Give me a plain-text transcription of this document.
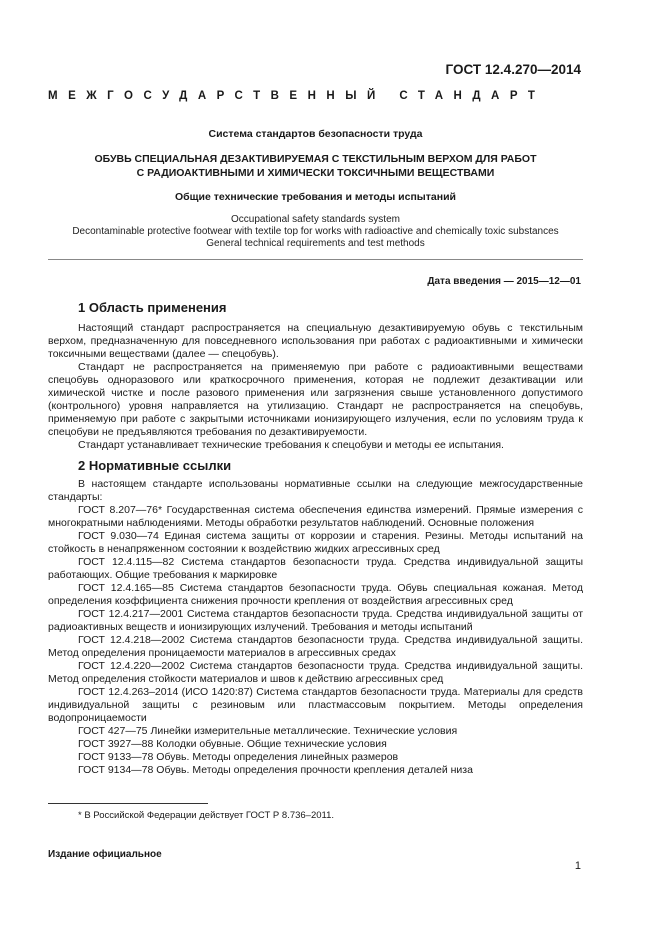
ГОСТ 12.4.270—2014
МЕЖГОСУДАРСТВЕННЫЙ СТАНДАРТ
Система стандартов безопасности труда
ОБУВЬ СПЕЦИАЛЬНАЯ ДЕЗАКТИВИРУЕМАЯ С ТЕКСТИЛЬНЫМ ВЕРХОМ ДЛЯ РАБОТ
С РАДИОАКТИВНЫМИ И ХИМИЧЕСКИ ТОКСИЧНЫМИ ВЕЩЕСТВАМИ
Общие технические требования и методы испытаний
Occupational safety standards system
Decontaminable protective footwear with textile top for works with radioactive and chemically toxic substances
General technical requirements and test methods
Дата введения — 2015—12—01
1 Область применения

Настоящий стандарт распространяется на специальную дезактивируемую обувь с текстильным верхом, предназначенную для повседневного использования при работах с радиоактивными и химически токсичными веществами (далее — спецобувь).

Стандарт не распространяется на применяемую при работе с радиоактивными веществами спецобувь одноразового или краткосрочного применения, которая не подлежит дезактивации или химической чистке и после разового применения или загрязнения свыше установленного допустимого (контрольного) уровня направляется на утилизацию. Стандарт не распространяется на спецобувь, применяемую при работе с закрытыми источниками ионизирующего излучения, если по условиям труда к спецобуви не предъявляются требования по дезактивируемости.

Стандарт устанавливает технические требования к спецобуви и методы ее испытания.

2 Нормативные ссылки

В настоящем стандарте использованы нормативные ссылки на следующие межгосударственные стандарты:

ГОСТ 8.207—76* Государственная система обеспечения единства измерений. Прямые измерения с многократными наблюдениями. Методы обработки результатов наблюдений. Основные положения

ГОСТ 9.030—74 Единая система защиты от коррозии и старения. Резины. Методы испытаний на стойкость в ненапряженном состоянии к воздействию жидких агрессивных сред

ГОСТ 12.4.115—82 Система стандартов безопасности труда. Средства индивидуальной защиты работающих. Общие требования к маркировке

ГОСТ 12.4.165—85 Система стандартов безопасности труда. Обувь специальная кожаная. Метод определения коэффициента снижения прочности крепления от воздействия агрессивных сред

ГОСТ 12.4.217—2001 Система стандартов безопасности труда. Средства индивидуальной защиты от радиоактивных веществ и ионизирующих излучений. Требования и методы испытаний

ГОСТ 12.4.218—2002 Система стандартов безопасности труда. Средства индивидуальной защиты. Метод определения проницаемости материалов в агрессивных средах

ГОСТ 12.4.220—2002 Система стандартов безопасности труда. Средства индивидуальной защиты. Метод определения стойкости материалов и швов к действию агрессивных сред

ГОСТ 12.4.263–2014 (ИСО 1420:87) Система стандартов безопасности труда. Материалы для средств индивидуальной защиты с резиновым или пластмассовым покрытием. Методы определения водопроницаемости

ГОСТ 427—75 Линейки измерительные металлические. Технические условия

ГОСТ 3927—88 Колодки обувные. Общие технические условия

ГОСТ 9133—78 Обувь. Методы определения линейных размеров

ГОСТ 9134—78 Обувь. Методы определения прочности крепления деталей низа

* В Российской Федерации действует ГОСТ Р 8.736–2011.
Издание официальное
1
